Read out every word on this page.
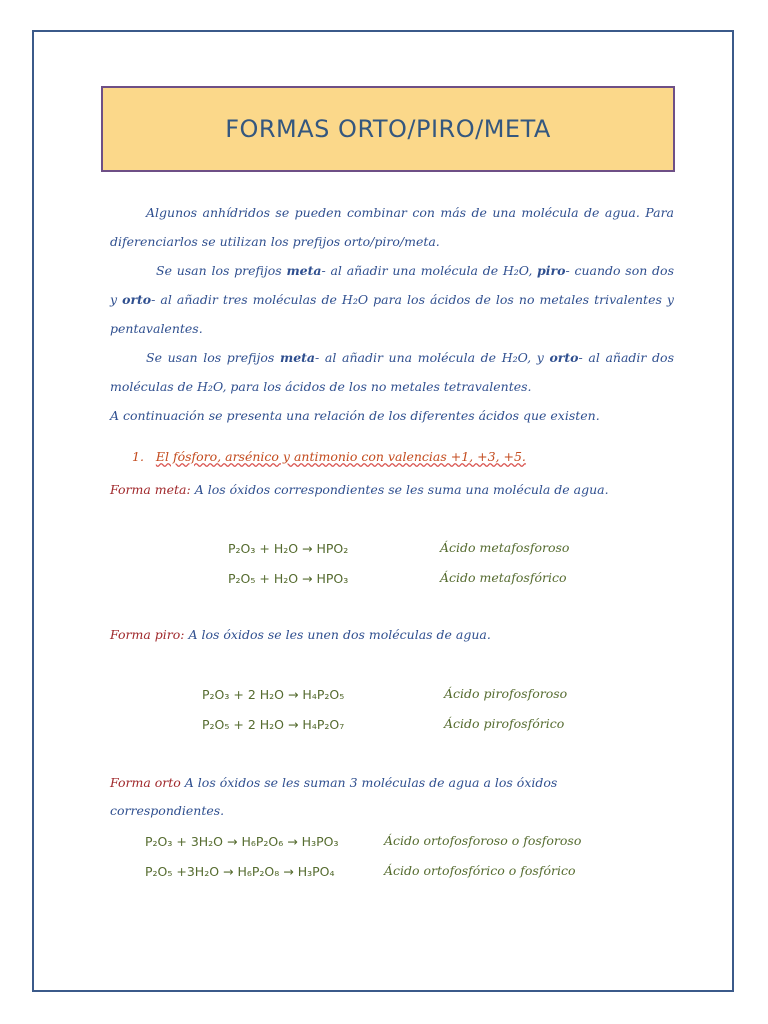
FORMAS ORTO/PIRO/META
Algunos anhídridos se pueden combinar con más de una molécula de agua. Para diferenciarlos se utilizan los prefijos orto/piro/meta.
Se usan los prefijos meta- al añadir una molécula de H₂O, piro- cuando son dos y orto- al añadir tres moléculas de H₂O para los ácidos de los no metales trivalentes y pentavalentes.
Se usan los prefijos meta- al añadir una molécula de H₂O, y orto- al añadir dos moléculas de H₂O, para los ácidos de los no metales tetravalentes.
A continuación se presenta una relación de los diferentes ácidos que existen.
1. El fósforo, arsénico y antimonio con valencias +1, +3, +5.
Forma meta: A los óxidos correspondientes se les suma una molécula de agua.
P₂O₃ + H₂O → HPO₂	Ácido metafosforoso
P₂O₅ + H₂O → HPO₃	Ácido metafosfórico
Forma piro: A los óxidos se les unen dos moléculas de agua.
P₂O₃ + 2 H₂O → H₄P₂O₅	Ácido pirofosforoso
P₂O₅ + 2 H₂O → H₄P₂O₇	Ácido pirofosfórico
Forma orto A los óxidos se les suman 3 moléculas de agua a los óxidos
correspondientes.
P₂O₃ + 3H₂O → H₆P₂O₆ → H₃PO₃	Ácido ortofosforoso o fosforoso
P₂O₅ +3H₂O → H₆P₂O₈ → H₃PO₄	Ácido ortofosfórico o fosfórico
